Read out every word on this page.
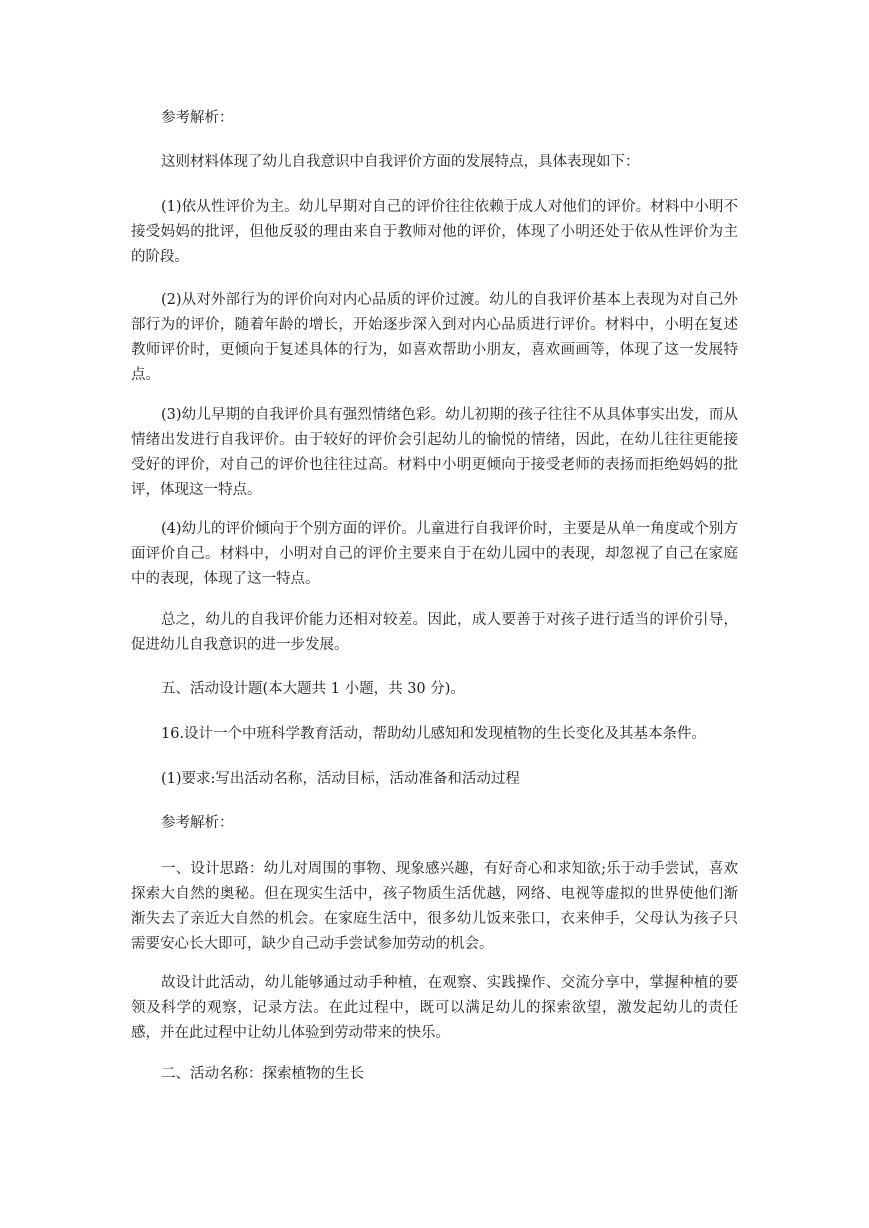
参考解析：

这则材料体现了幼儿自我意识中自我评价方面的发展特点，具体表现如下：

(1)依从性评价为主。幼儿早期对自己的评价往往依赖于成人对他们的评价。材料中小明不接受妈妈的批评，但他反驳的理由来自于教师对他的评价，体现了小明还处于依从性评价为主的阶段。

(2)从对外部行为的评价向对内心品质的评价过渡。幼儿的自我评价基本上表现为对自己外部行为的评价，随着年龄的增长，开始逐步深入到对内心品质进行评价。材料中，小明在复述教师评价时，更倾向于复述具体的行为，如喜欢帮助小朋友，喜欢画画等，体现了这一发展特点。

(3)幼儿早期的自我评价具有强烈情绪色彩。幼儿初期的孩子往往不从具体事实出发，而从情绪出发进行自我评价。由于较好的评价会引起幼儿的愉悦的情绪，因此，在幼儿往往更能接受好的评价，对自己的评价也往往过高。材料中小明更倾向于接受老师的表扬而拒绝妈妈的批评，体现这一特点。

(4)幼儿的评价倾向于个别方面的评价。儿童进行自我评价时，主要是从单一角度或个别方面评价自己。材料中，小明对自己的评价主要来自于在幼儿园中的表现，却忽视了自己在家庭中的表现，体现了这一特点。

总之，幼儿的自我评价能力还相对较差。因此，成人要善于对孩子进行适当的评价引导，促进幼儿自我意识的进一步发展。

五、活动设计题(本大题共 1 小题，共 30 分)。

16.设计一个中班科学教育活动，帮助幼儿感知和发现植物的生长变化及其基本条件。

(1)要求:写出活动名称，活动目标，活动准备和活动过程

参考解析：

一、设计思路：幼儿对周围的事物、现象感兴趣，有好奇心和求知欲;乐于动手尝试，喜欢探索大自然的奥秘。但在现实生活中，孩子物质生活优越，网络、电视等虚拟的世界使他们渐渐失去了亲近大自然的机会。在家庭生活中，很多幼儿饭来张口，衣来伸手，父母认为孩子只需要安心长大即可，缺少自己动手尝试参加劳动的机会。

故设计此活动，幼儿能够通过动手种植，在观察、实践操作、交流分享中，掌握种植的要领及科学的观察，记录方法。在此过程中，既可以满足幼儿的探索欲望，激发起幼儿的责任感，并在此过程中让幼儿体验到劳动带来的快乐。

二、活动名称：探索植物的生长
